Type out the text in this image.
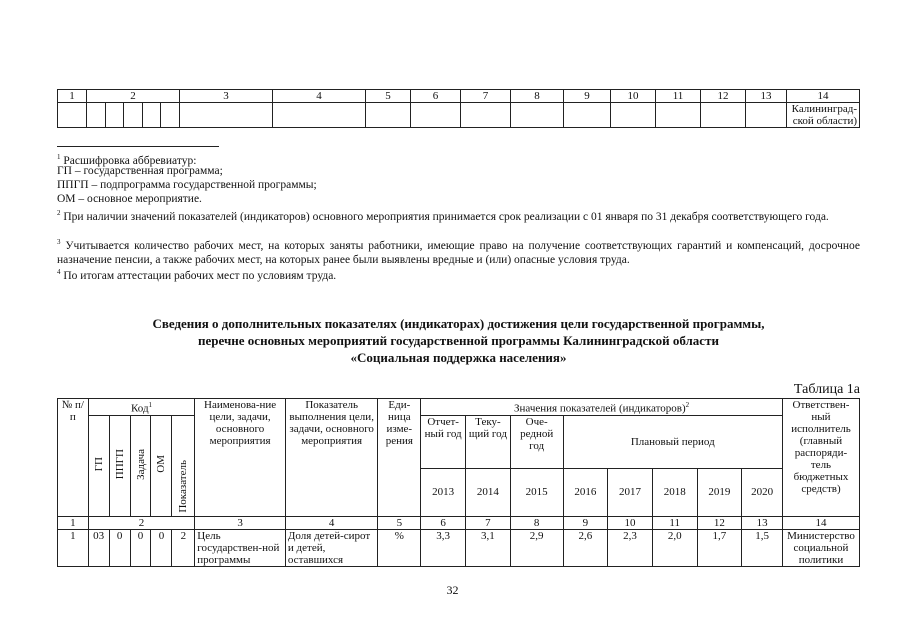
1	2					3	4	5	6	7	8	9	10	11	12	13	14
																	Калининград-ской области)
$^1$ Расшифровка аббревиатур:
ГП – государственная программа;
ППГП – подпрограмма государственной программы;
ОМ – основное мероприятие.
$^2$ При наличии значений показателей (индикаторов) основного мероприятия принимается срок реализации с 01 января по 31 декабря соответствующего года.
$^3$ Учитывается количество рабочих мест, на которых заняты работники, имеющие право на получение соответствующих гарантий и компенсаций, досрочное назначение пенсии, а также рабочих мест, на которых ранее были выявлены вредные и (или) опасные условия труда.
$^4$ По итогам аттестации рабочих мест по условиям труда.
Сведения о дополнительных показателях (индикаторах) достижения цели государственной программы,
перечне основных мероприятий государственной программы Калининградской области
«Социальная поддержка населения»
Таблица 1а
№ п/п	Код$^1$					Наименова-ние цели, задачи, основного мероприятия	Показатель выполнения цели, задачи, основного мероприятия	Еди-ница изме-рения	Значения показателей (индикаторов)$^2$								Ответствен-ный исполнитель (главный распоряди-тель бюджетных средств)
	ГП	ППГП	Задача	ОМ	Показатель				Отчет-ный год	Теку-щий год	Оче-редной год	Плановый период					
									2013	2014	2015	2016	2017	2018	2019	2020	
1	2					3	4	5	6	7	8	9	10	11	12	13	14
1	03	0	0	0	2	Цель государствен-ной программы	Доля детей-сирот и детей, оставшихся	%	3,3	3,1	2,9	2,6	2,3	2,0	1,7	1,5	Министерство социальной политики
32
